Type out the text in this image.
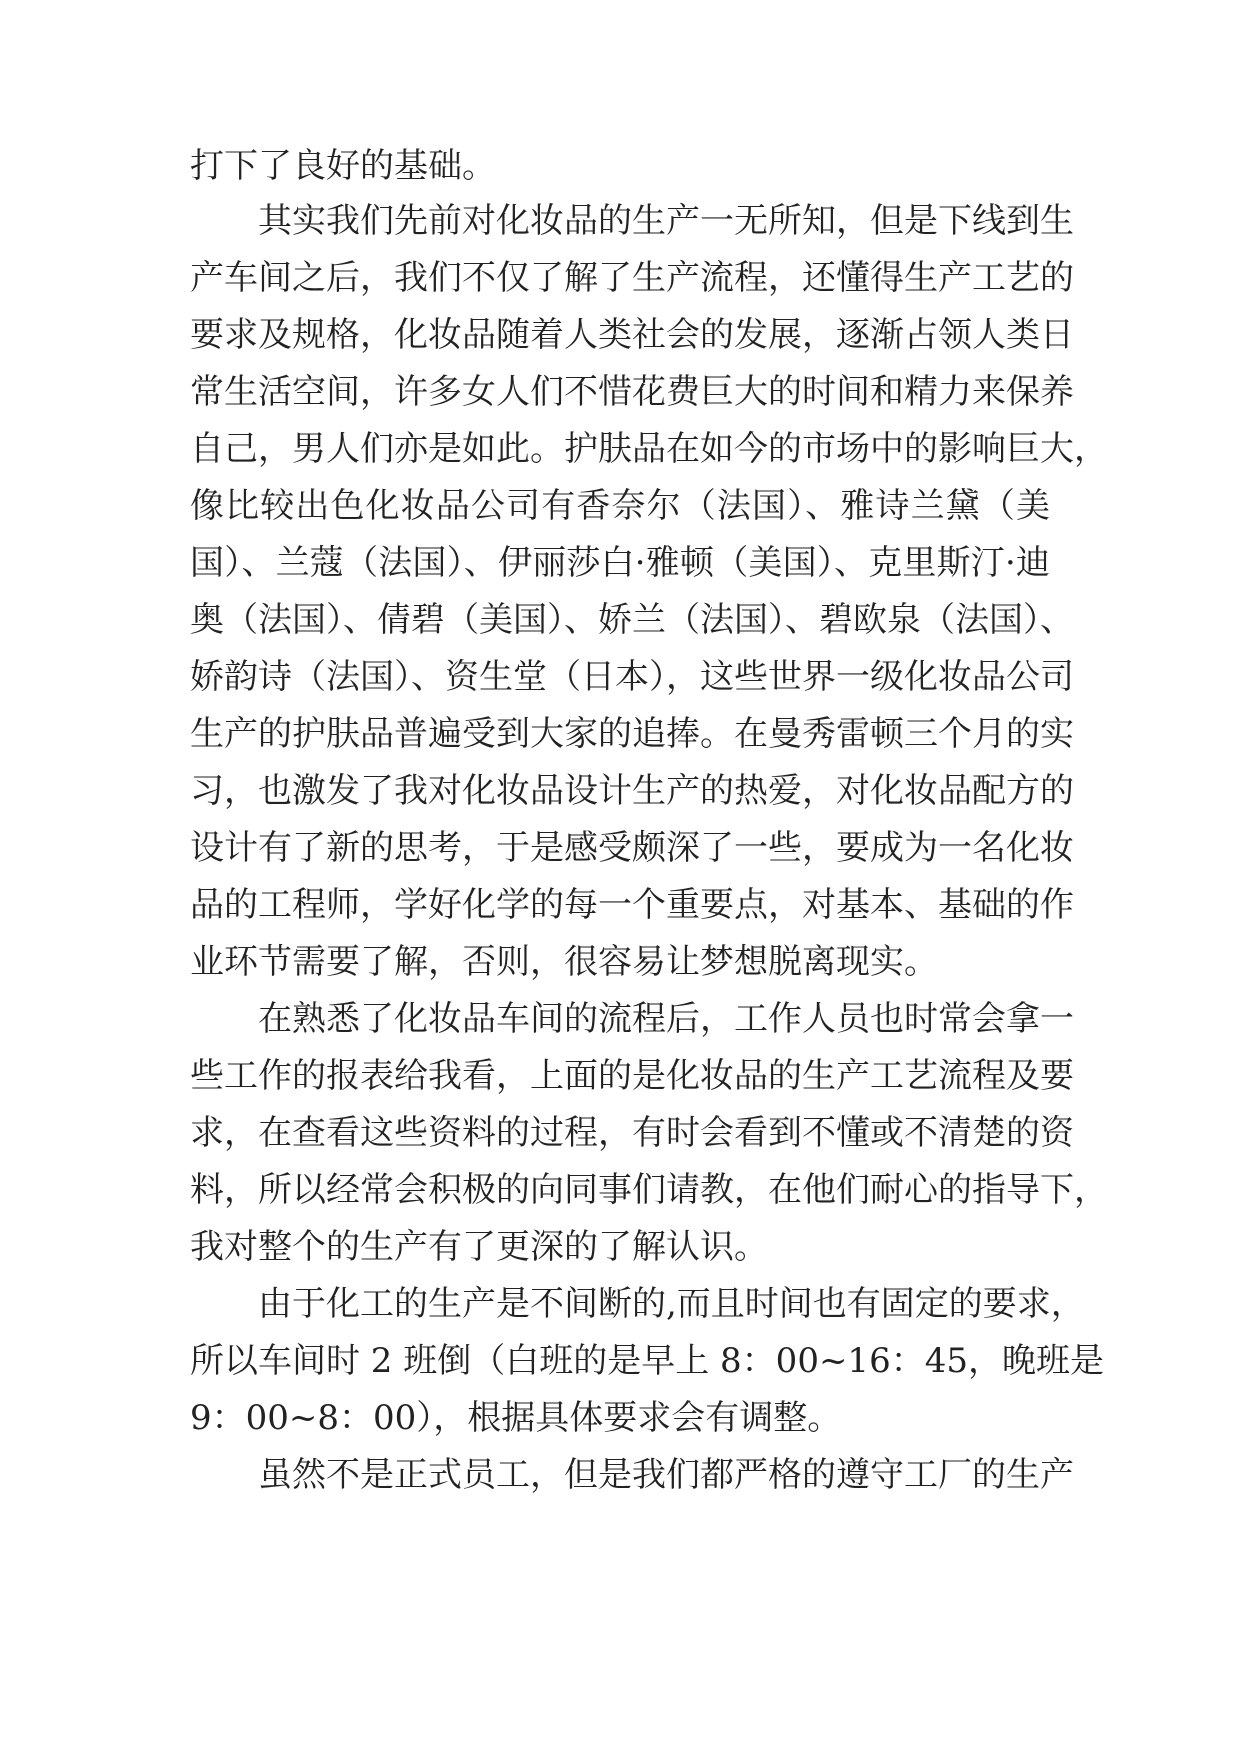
打下了良好的基础。
其实我们先前对化妆品的生产一无所知，但是下线到生
产车间之后，我们不仅了解了生产流程，还懂得生产工艺的
要求及规格，化妆品随着人类社会的发展，逐渐占领人类日
常生活空间，许多女人们不惜花费巨大的时间和精力来保养
自己，男人们亦是如此。护肤品在如今的市场中的影响巨大，
像比较出色化妆品公司有香奈尔（法国）、雅诗兰黛（美
国）、兰蔻（法国）、伊丽莎白·雅顿（美国）、克里斯汀·迪
奥（法国）、倩碧（美国）、娇兰（法国）、碧欧泉（法国）、
娇韵诗（法国）、资生堂（日本），这些世界一级化妆品公司
生产的护肤品普遍受到大家的追捧。在曼秀雷顿三个月的实
习，也激发了我对化妆品设计生产的热爱，对化妆品配方的
设计有了新的思考，于是感受颇深了一些，要成为一名化妆
品的工程师，学好化学的每一个重要点，对基本、基础的作
业环节需要了解，否则，很容易让梦想脱离现实。
在熟悉了化妆品车间的流程后，工作人员也时常会拿一
些工作的报表给我看，上面的是化妆品的生产工艺流程及要
求，在查看这些资料的过程，有时会看到不懂或不清楚的资
料，所以经常会积极的向同事们请教，在他们耐心的指导下，
我对整个的生产有了更深的了解认识。
由于化工的生产是不间断的,而且时间也有固定的要求，
所以车间时 2 班倒（白班的是早上 8：00~16：45，晚班是
9：00~8：00），根据具体要求会有调整。
虽然不是正式员工，但是我们都严格的遵守工厂的生产
